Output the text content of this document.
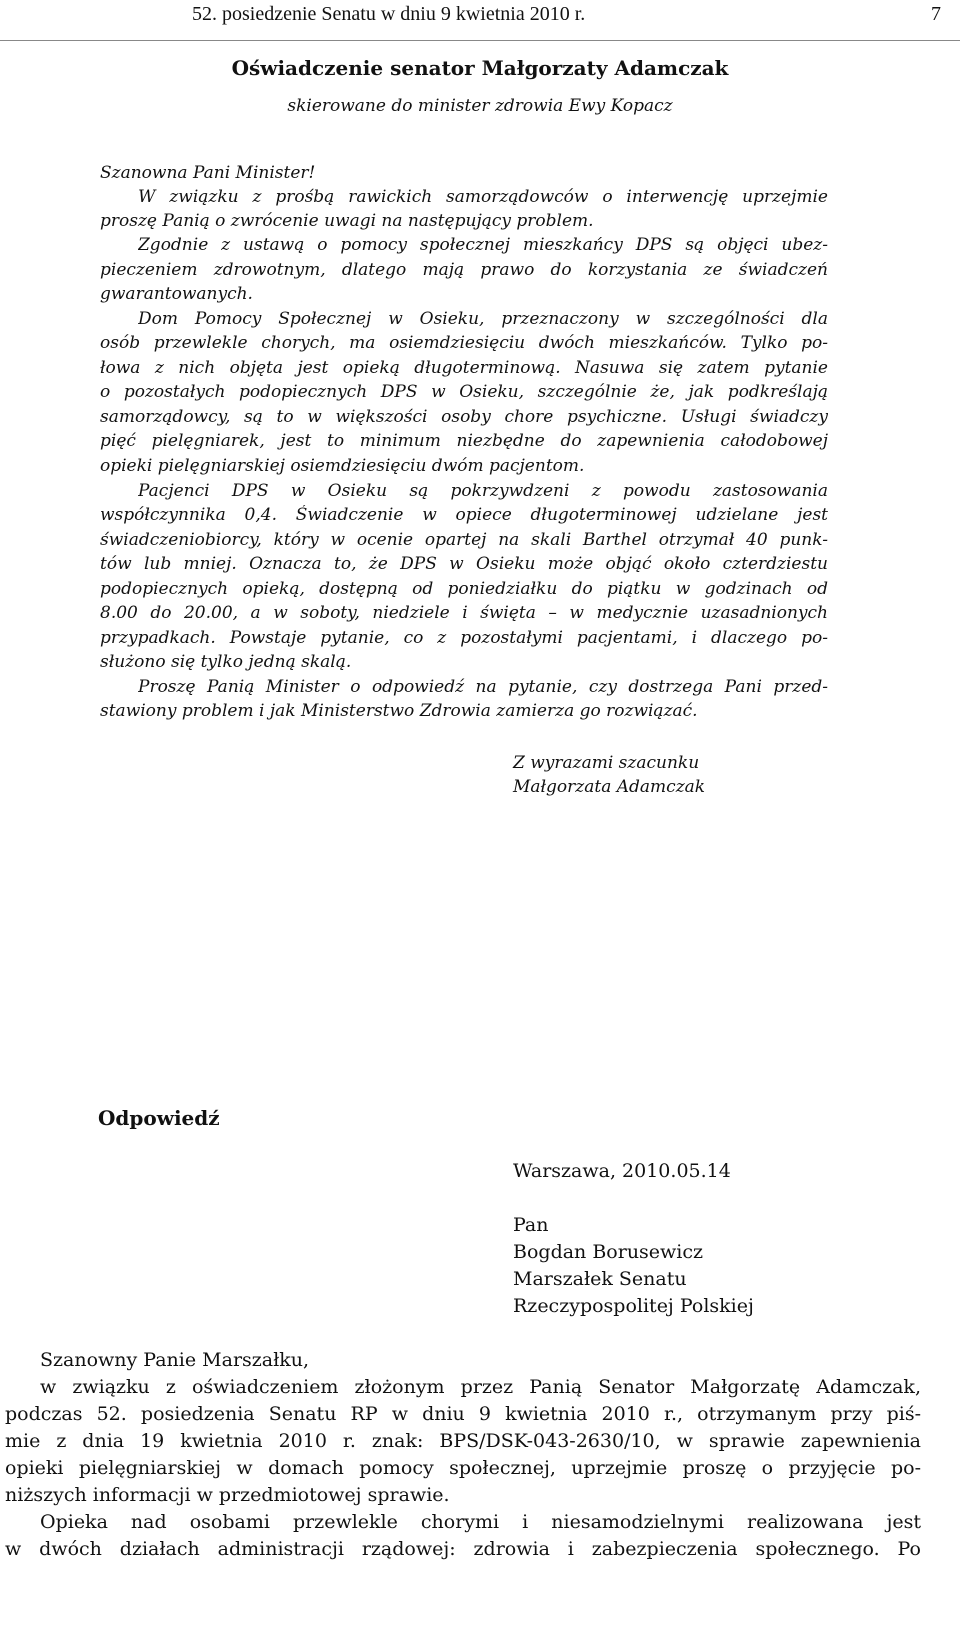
52. posiedzenie Senatu w dniu 9 kwietnia 2010 r.	7
Oświadczenie senator Małgorzaty Adamczak
skierowane do minister zdrowia Ewy Kopacz
Szanowna Pani Minister!
W związku z prośbą rawickich samorządowców o interwencję uprzejmie
proszę Panią o zwrócenie uwagi na następujący problem.
Zgodnie z ustawą o pomocy społecznej mieszkańcy DPS są objęci ubez-
pieczeniem zdrowotnym, dlatego mają prawo do korzystania ze świadczeń
gwarantowanych.
Dom Pomocy Społecznej w Osieku, przeznaczony w szczególności dla
osób przewlekle chorych, ma osiemdziesięciu dwóch mieszkańców. Tylko po-
łowa z nich objęta jest opieką długoterminową. Nasuwa się zatem pytanie
o pozostałych podopiecznych DPS w Osieku, szczególnie że, jak podkreślają
samorządowcy, są to w większości osoby chore psychiczne. Usługi świadczy
pięć pielęgniarek, jest to minimum niezbędne do zapewnienia całodobowej
opieki pielęgniarskiej osiemdziesięciu dwóm pacjentom.
Pacjenci DPS w Osieku są pokrzywdzeni z powodu zastosowania
współczynnika 0,4. Świadczenie w opiece długoterminowej udzielane jest
świadczeniobiorcy, który w ocenie opartej na skali Barthel otrzymał 40 punk-
tów lub mniej. Oznacza to, że DPS w Osieku może objąć około czterdziestu
podopiecznych opieką, dostępną od poniedziałku do piątku w godzinach od
8.00 do 20.00, a w soboty, niedziele i święta – w medycznie uzasadnionych
przypadkach. Powstaje pytanie, co z pozostałymi pacjentami, i dlaczego po-
służono się tylko jedną skalą.
Proszę Panią Minister o odpowiedź na pytanie, czy dostrzega Pani przed-
stawiony problem i jak Ministerstwo Zdrowia zamierza go rozwiązać.
Z wyrazami szacunku
Małgorzata Adamczak
Odpowiedź
Warszawa, 2010.05.14
Pan
Bogdan Borusewicz
Marszałek Senatu
Rzeczypospolitej Polskiej
Szanowny Panie Marszałku,
w związku z oświadczeniem złożonym przez Panią Senator Małgorzatę Adamczak,
podczas 52. posiedzenia Senatu RP w dniu 9 kwietnia 2010 r., otrzymanym przy piś-
mie z dnia 19 kwietnia 2010 r. znak: BPS/DSK-043-2630/10, w sprawie zapewnienia
opieki pielęgniarskiej w domach pomocy społecznej, uprzejmie proszę o przyjęcie po-
niższych informacji w przedmiotowej sprawie.
Opieka nad osobami przewlekle chorymi i niesamodzielnymi realizowana jest
w dwóch działach administracji rządowej: zdrowia i zabezpieczenia społecznego. Po
